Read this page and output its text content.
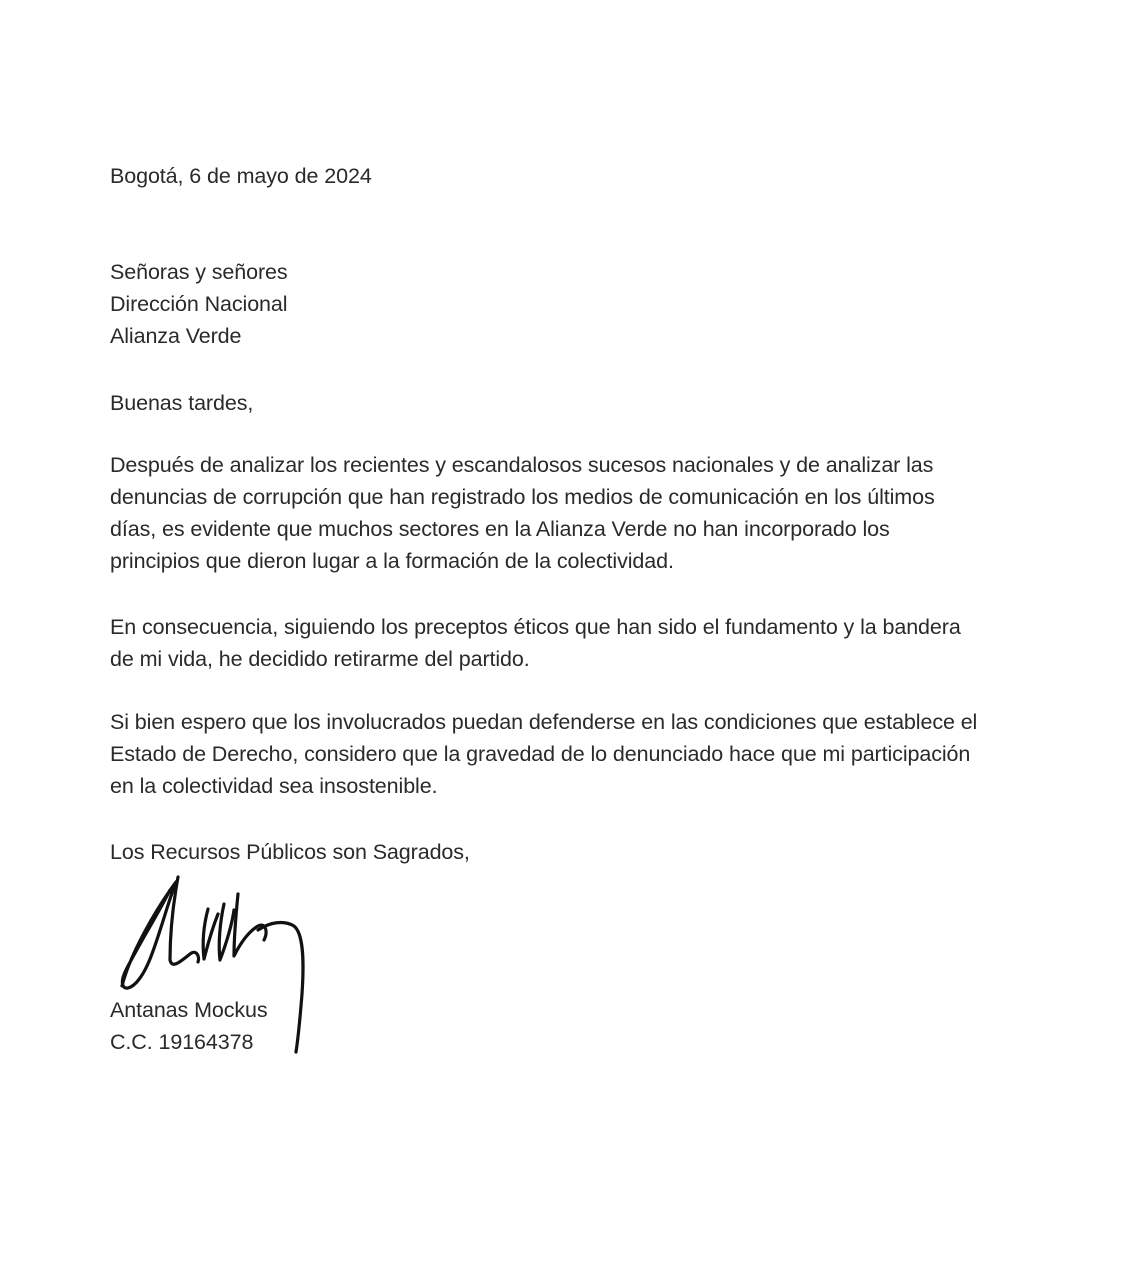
Bogotá, 6 de mayo de 2024
Señoras y señores
Dirección Nacional
Alianza Verde
Buenas tardes,
Después de analizar los recientes y escandalosos sucesos nacionales y de analizar las
denuncias de corrupción que han registrado los medios de comunicación en los últimos
días, es evidente que muchos sectores en la Alianza Verde no han incorporado los
principios que dieron lugar a la formación de la colectividad.
En consecuencia, siguiendo los preceptos éticos que han sido el fundamento y la bandera
de mi vida, he decidido retirarme del partido.
Si bien espero que los involucrados puedan defenderse en las condiciones que establece el
Estado de Derecho, considero que la gravedad de lo denunciado hace que mi participación
en la colectividad sea insostenible.
Los Recursos Públicos son Sagrados,
Antanas Mockus
C.C. 19164378
